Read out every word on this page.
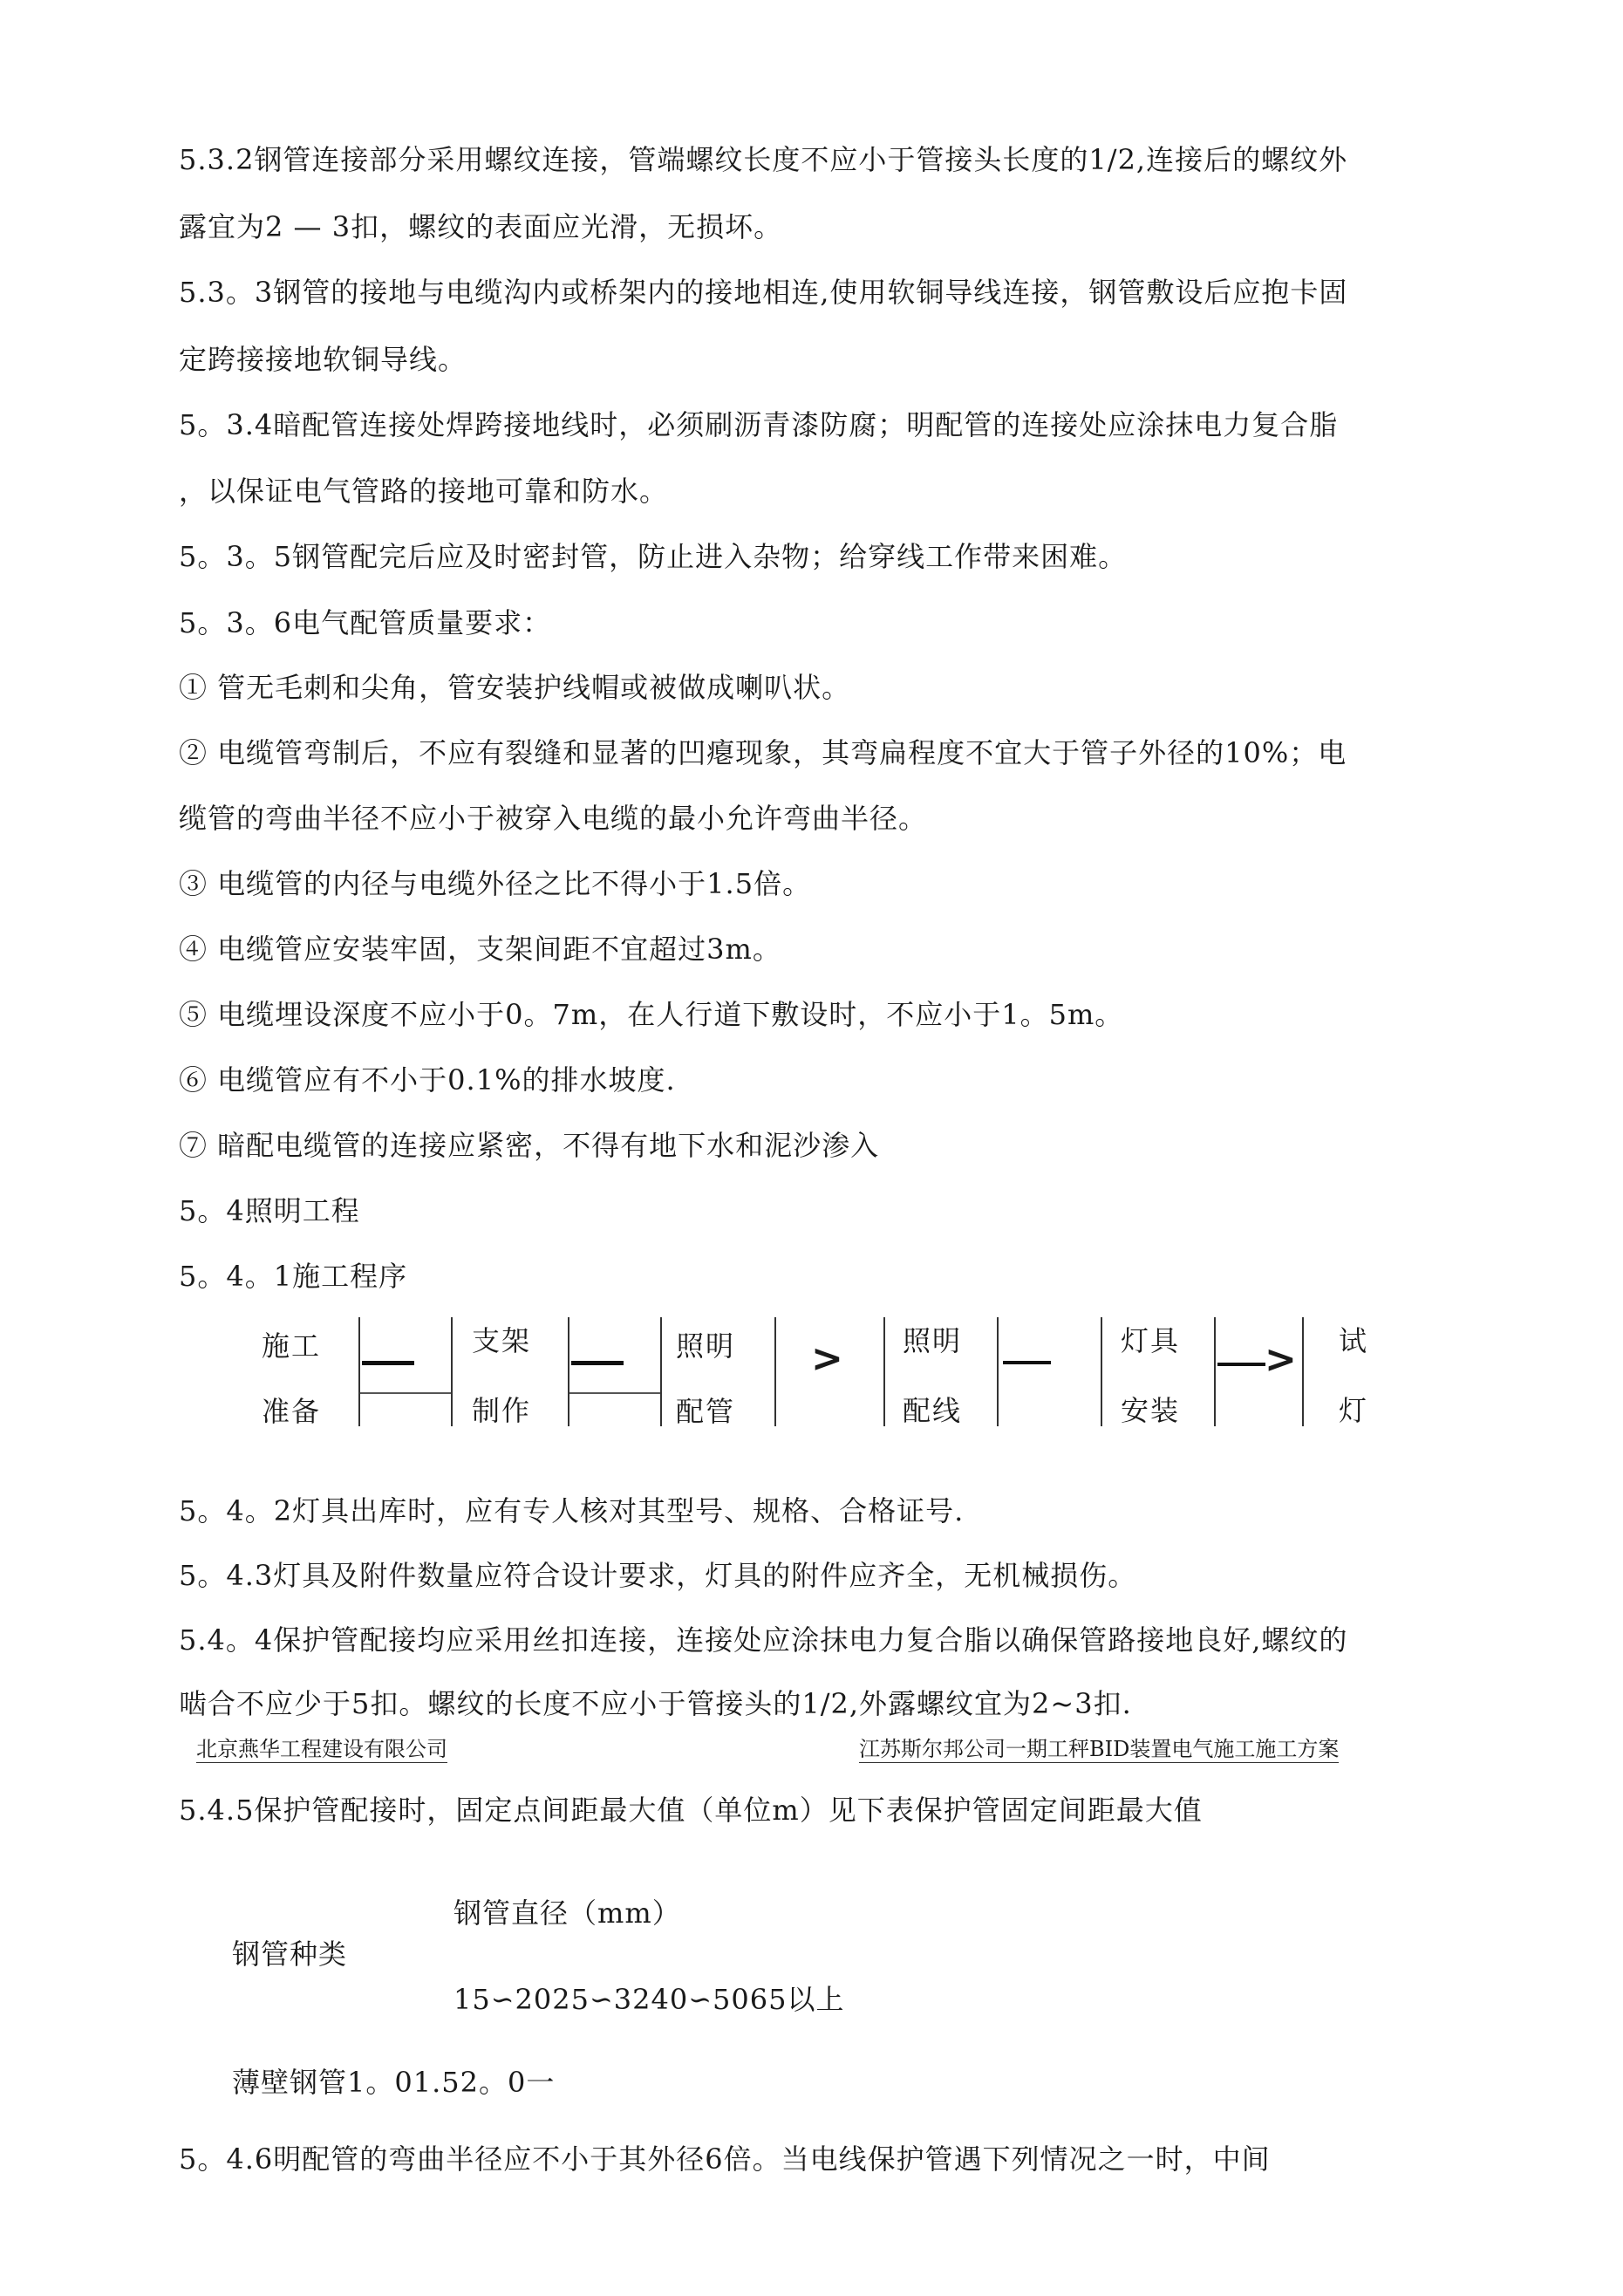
5.3.2钢管连接部分采用螺纹连接，管端螺纹长度不应小于管接头长度的1/2,连接后的螺纹外
露宜为2 — 3扣，螺纹的表面应光滑，无损坏。
5.3。3钢管的接地与电缆沟内或桥架内的接地相连,使用软铜导线连接，钢管敷设后应抱卡固
定跨接接地软铜导线。
5。3.4暗配管连接处焊跨接地线时，必须刷沥青漆防腐；明配管的连接处应涂抹电力复合脂
，以保证电气管路的接地可靠和防水。
5。3。5钢管配完后应及时密封管，防止进入杂物；给穿线工作带来困难。
5。3。6电气配管质量要求：
① 管无毛刺和尖角，管安装护线帽或被做成喇叭状。
② 电缆管弯制后，不应有裂缝和显著的凹瘪现象，其弯扁程度不宜大于管子外径的10%；电
缆管的弯曲半径不应小于被穿入电缆的最小允许弯曲半径。
③ 电缆管的内径与电缆外径之比不得小于1.5倍。
④ 电缆管应安装牢固，支架间距不宜超过3m。
⑤ 电缆埋设深度不应小于0。7m，在人行道下敷设时，不应小于1。5m。
⑥ 电缆管应有不小于0.1%的排水坡度.
⑦ 暗配电缆管的连接应紧密，不得有地下水和泥沙渗入
5。4照明工程
5。4。1施工程序
施工
准备
支架
制作
照明
配管
> 照明
配线
灯具
安装
> 试
灯
5。4。2灯具出库时，应有专人核对其型号、规格、合格证号.
5。4.3灯具及附件数量应符合设计要求，灯具的附件应齐全，无机械损伤。
5.4。4保护管配接均应采用丝扣连接，连接处应涂抹电力复合脂以确保管路接地良好,螺纹的
啮合不应少于5扣。螺纹的长度不应小于管接头的1/2,外露螺纹宜为2~3扣.
北京燕华工程建设有限公司	江苏斯尔邦公司一期工秤BID装置电气施工施工方案
5.4.5保护管配接时，固定点间距最大值（单位m）见下表保护管固定间距最大值
钢管直径（mm）
钢管种类
15∽2025∽3240∽5065以上
薄壁钢管1。01.52。0一
5。4.6明配管的弯曲半径应不小于其外径6倍。当电线保护管遇下列情况之一时，中间
